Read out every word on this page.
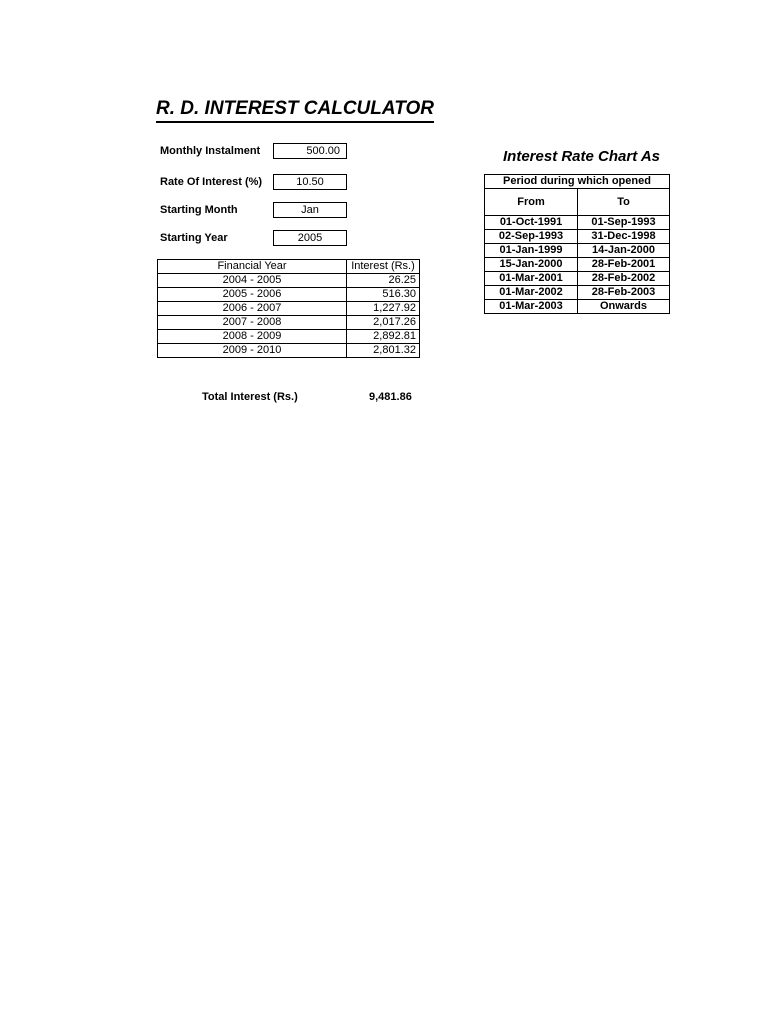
R. D. INTEREST CALCULATOR
Monthly Instalment	500.00
Rate Of Interest (%)	10.50
Starting Month	Jan
Starting Year	2005
Financial Year	Interest (Rs.)
2004 - 2005	26.25
2005 - 2006	516.30
2006 - 2007	1,227.92
2007 - 2008	2,017.26
2008 - 2009	2,892.81
2009 - 2010	2,801.32
Total Interest (Rs.)	9,481.86
Interest Rate Chart As
Period during which opened	
From	To
01-Oct-1991	01-Sep-1993
02-Sep-1993	31-Dec-1998
01-Jan-1999	14-Jan-2000
15-Jan-2000	28-Feb-2001
01-Mar-2001	28-Feb-2002
01-Mar-2002	28-Feb-2003
01-Mar-2003	Onwards
